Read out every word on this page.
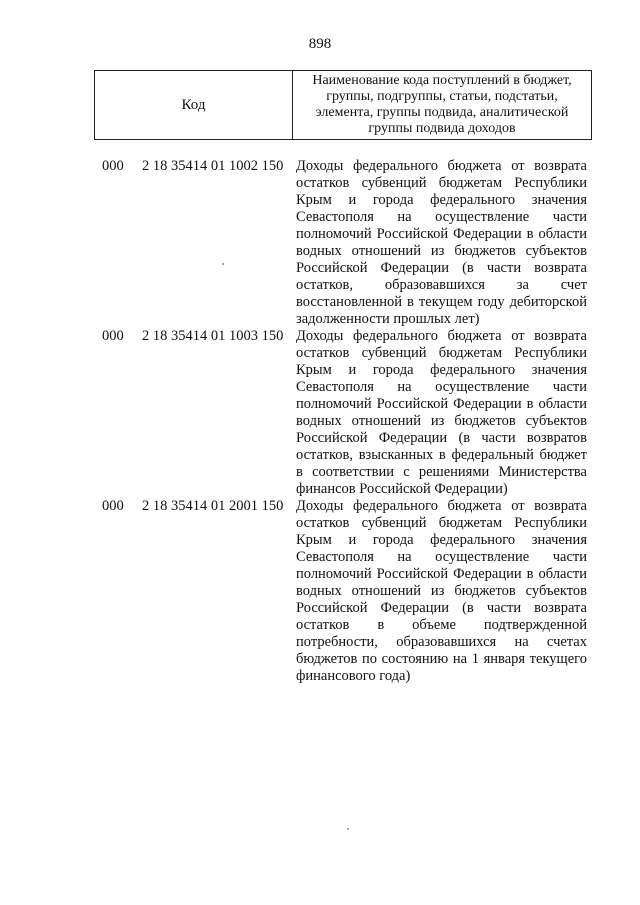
898
Код
Наименование кода поступлений в бюджет, группы, подгруппы, статьи, подстатьи, элемента, группы подвида, аналитической группы подвида доходов
000 2 18 35414 01 1002 150 Доходы федерального бюджета от возврата
остатков субвенций бюджетам Республики
Крым и города федерального значения
Севастополя на осуществление части
полномочий Российской Федерации в области
водных отношений из бюджетов субъектов
Российской Федерации (в части возврата
остатков, образовавшихся за счет
восстановленной в текущем году дебиторской
задолженности прошлых лет)
000 2 18 35414 01 1003 150 Доходы федерального бюджета от возврата
остатков субвенций бюджетам Республики
Крым и города федерального значения
Севастополя на осуществление части
полномочий Российской Федерации в области
водных отношений из бюджетов субъектов
Российской Федерации (в части возвратов
остатков, взысканных в федеральный бюджет
в соответствии с решениями Министерства
финансов Российской Федерации)
000 2 18 35414 01 2001 150 Доходы федерального бюджета от возврата
остатков субвенций бюджетам Республики
Крым и города федерального значения
Севастополя на осуществление части
полномочий Российской Федерации в области
водных отношений из бюджетов субъектов
Российской Федерации (в части возврата
остатков в объеме подтвержденной
потребности, образовавшихся на счетах
бюджетов по состоянию на 1 января текущего
финансового года)
